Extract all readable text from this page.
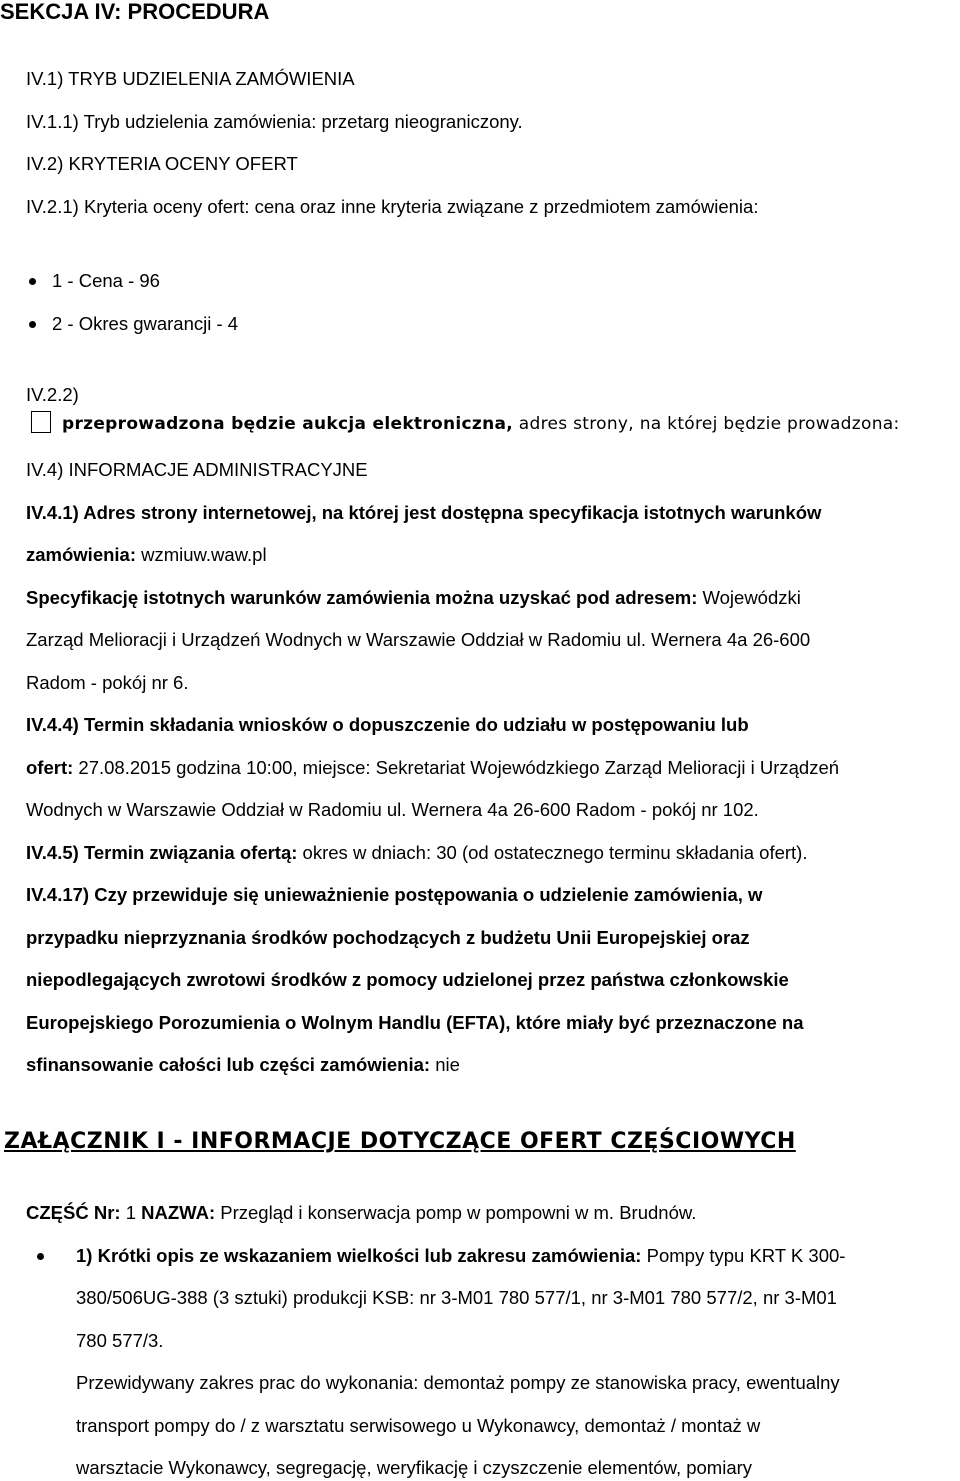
SEKCJA IV: PROCEDURA
IV.1) TRYB UDZIELENIA ZAMÓWIENIA
IV.1.1) Tryb udzielenia zamówienia: przetarg nieograniczony.
IV.2) KRYTERIA OCENY OFERT
IV.2.1) Kryteria oceny ofert: cena oraz inne kryteria związane z przedmiotem zamówienia:
1 - Cena - 96
2 - Okres gwarancji - 4
IV.2.2)
przeprowadzona będzie aukcja elektroniczna, adres strony, na której będzie prowadzona:
IV.4) INFORMACJE ADMINISTRACYJNE
IV.4.1) Adres strony internetowej, na której jest dostępna specyfikacja istotnych warunków
zamówienia: wzmiuw.waw.pl
Specyfikację istotnych warunków zamówienia można uzyskać pod adresem: Wojewódzki
Zarząd Melioracji i Urządzeń Wodnych w Warszawie Oddział w Radomiu ul. Wernera 4a 26-600
Radom - pokój nr 6.
IV.4.4) Termin składania wniosków o dopuszczenie do udziału w postępowaniu lub
ofert: 27.08.2015 godzina 10:00, miejsce: Sekretariat Wojewódzkiego Zarząd Melioracji i Urządzeń
Wodnych w Warszawie Oddział w Radomiu ul. Wernera 4a 26-600 Radom - pokój nr 102.
IV.4.5) Termin związania ofertą: okres w dniach: 30 (od ostatecznego terminu składania ofert).
IV.4.17) Czy przewiduje się unieważnienie postępowania o udzielenie zamówienia, w
przypadku nieprzyznania środków pochodzących z budżetu Unii Europejskiej oraz
niepodlegających zwrotowi środków z pomocy udzielonej przez państwa członkowskie
Europejskiego Porozumienia o Wolnym Handlu (EFTA), które miały być przeznaczone na
sfinansowanie całości lub części zamówienia: nie
ZAŁĄCZNIK I - INFORMACJE DOTYCZĄCE OFERT CZĘŚCIOWYCH
CZĘŚĆ Nr: 1 NAZWA: Przegląd i konserwacja pomp w pompowni w m. Brudnów.
1) Krótki opis ze wskazaniem wielkości lub zakresu zamówienia: Pompy typu KRT K 300-
380/506UG-388 (3 sztuki) produkcji KSB: nr 3-M01 780 577/1, nr 3-M01 780 577/2, nr 3-M01
780 577/3.
Przewidywany zakres prac do wykonania: demontaż pompy ze stanowiska pracy, ewentualny
transport pompy do / z warsztatu serwisowego u Wykonawcy, demontaż / montaż w
warsztacie Wykonawcy, segregację, weryfikację i czyszczenie elementów, pomiary
